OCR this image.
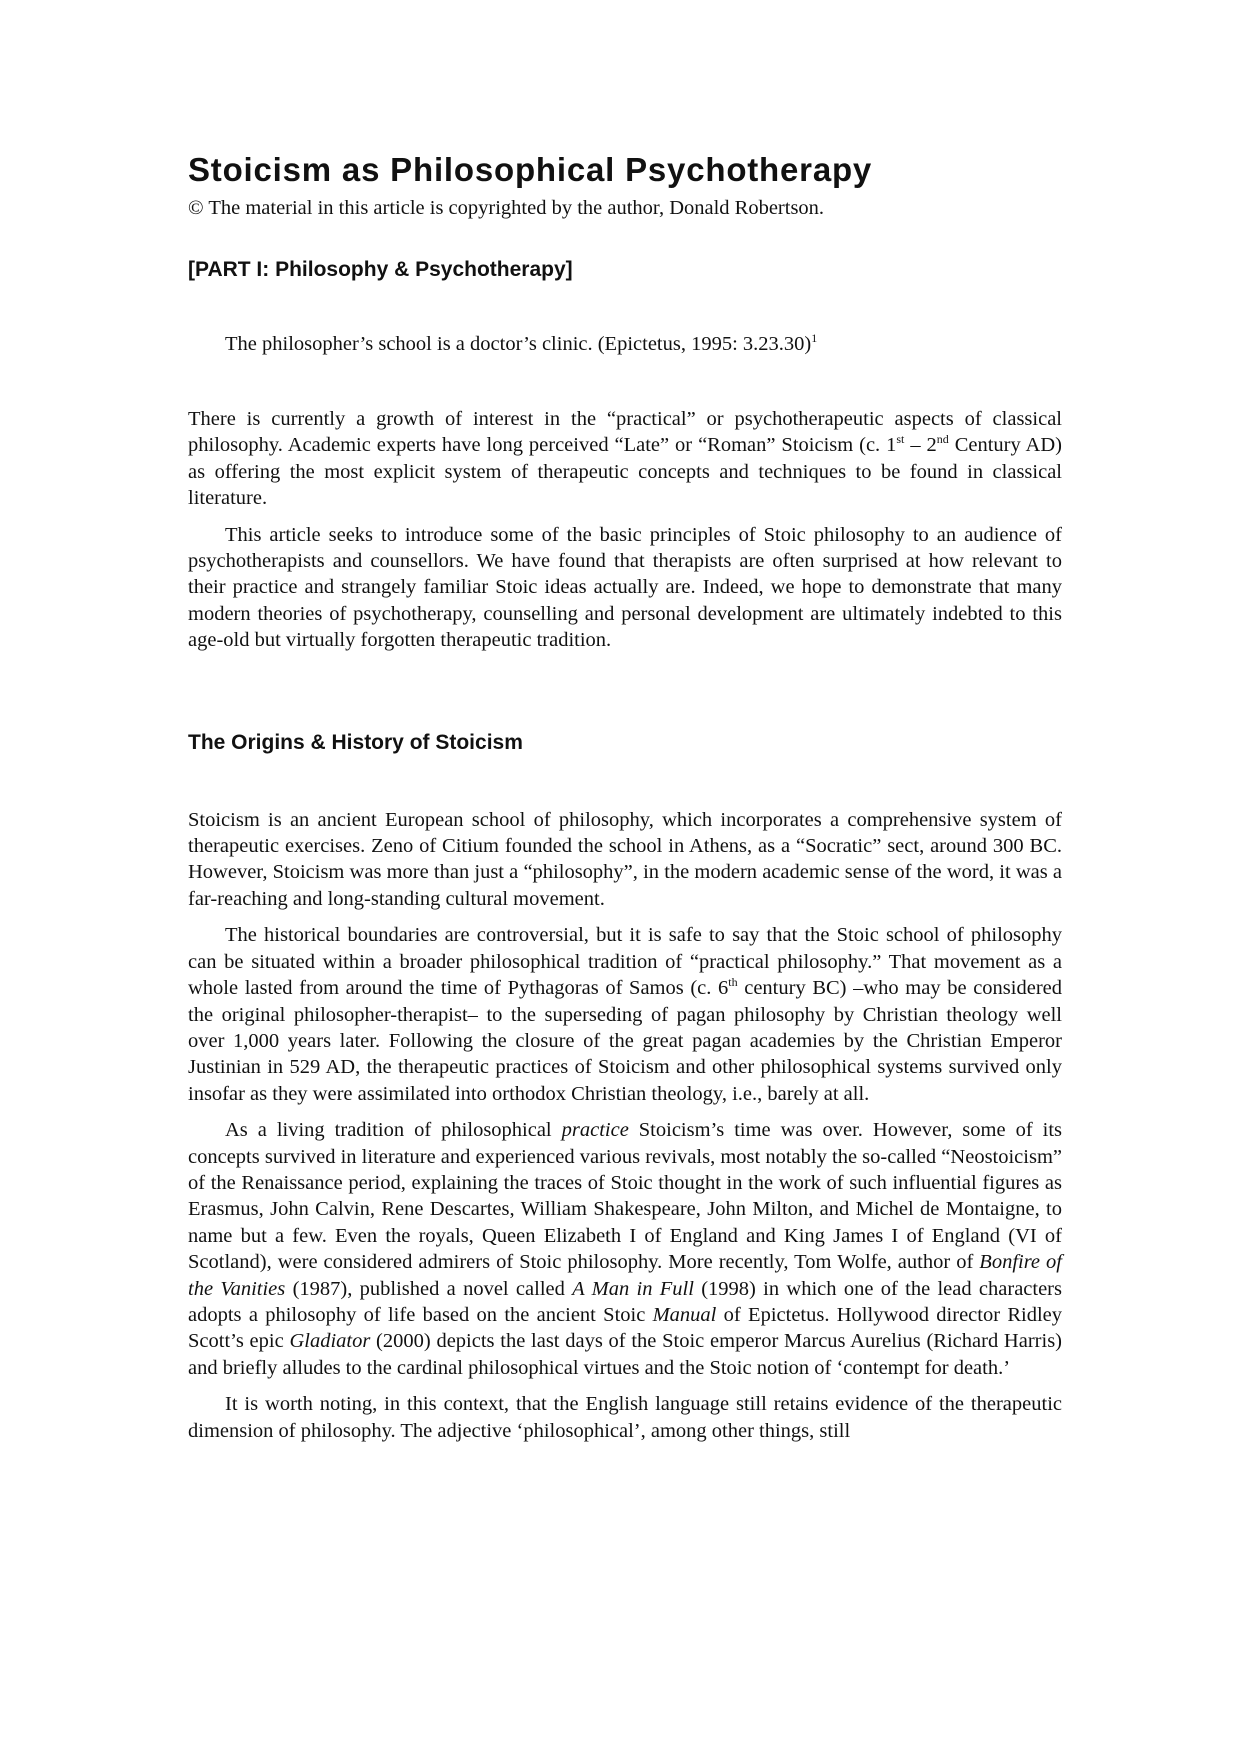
Stoicism as Philosophical Psychotherapy

© The material in this article is copyrighted by the author, Donald Robertson.

[PART I: Philosophy & Psychotherapy]

The philosopher’s school is a doctor’s clinic. (Epictetus, 1995: 3.23.30)$^1$

There is currently a growth of interest in the “practical” or psychotherapeutic aspects of classical philosophy. Academic experts have long perceived “Late” or “Roman” Stoicism (c. 1st – 2nd Century AD) as offering the most explicit system of therapeutic concepts and techniques to be found in classical literature.

This article seeks to introduce some of the basic principles of Stoic philosophy to an audience of psychotherapists and counsellors. We have found that therapists are often surprised at how relevant to their practice and strangely familiar Stoic ideas actually are. Indeed, we hope to demonstrate that many modern theories of psychotherapy, counselling and personal development are ultimately indebted to this age-old but virtually forgotten therapeutic tradition.

The Origins & History of Stoicism

Stoicism is an ancient European school of philosophy, which incorporates a comprehensive system of therapeutic exercises. Zeno of Citium founded the school in Athens, as a “Socratic” sect, around 300 BC. However, Stoicism was more than just a “philosophy”, in the modern academic sense of the word, it was a far-reaching and long-standing cultural movement.

The historical boundaries are controversial, but it is safe to say that the Stoic school of philosophy can be situated within a broader philosophical tradition of “practical philosophy.” That movement as a whole lasted from around the time of Pythagoras of Samos (c. 6th century BC) –who may be considered the original philosopher-therapist– to the superseding of pagan philosophy by Christian theology well over 1,000 years later. Following the closure of the great pagan academies by the Christian Emperor Justinian in 529 AD, the therapeutic practices of Stoicism and other philosophical systems survived only insofar as they were assimilated into orthodox Christian theology, i.e., barely at all.

As a living tradition of philosophical practice Stoicism’s time was over. However, some of its concepts survived in literature and experienced various revivals, most notably the so-called “Neostoicism” of the Renaissance period, explaining the traces of Stoic thought in the work of such influential figures as Erasmus, John Calvin, Rene Descartes, William Shakespeare, John Milton, and Michel de Montaigne, to name but a few. Even the royals, Queen Elizabeth I of England and King James I of England (VI of Scotland), were considered admirers of Stoic philosophy. More recently, Tom Wolfe, author of Bonfire of the Vanities (1987), published a novel called A Man in Full (1998) in which one of the lead characters adopts a philosophy of life based on the ancient Stoic Manual of Epictetus. Hollywood director Ridley Scott’s epic Gladiator (2000) depicts the last days of the Stoic emperor Marcus Aurelius (Richard Harris) and briefly alludes to the cardinal philosophical virtues and the Stoic notion of ‘contempt for death.’

It is worth noting, in this context, that the English language still retains evidence of the therapeutic dimension of philosophy. The adjective ‘philosophical’, among other things, still
